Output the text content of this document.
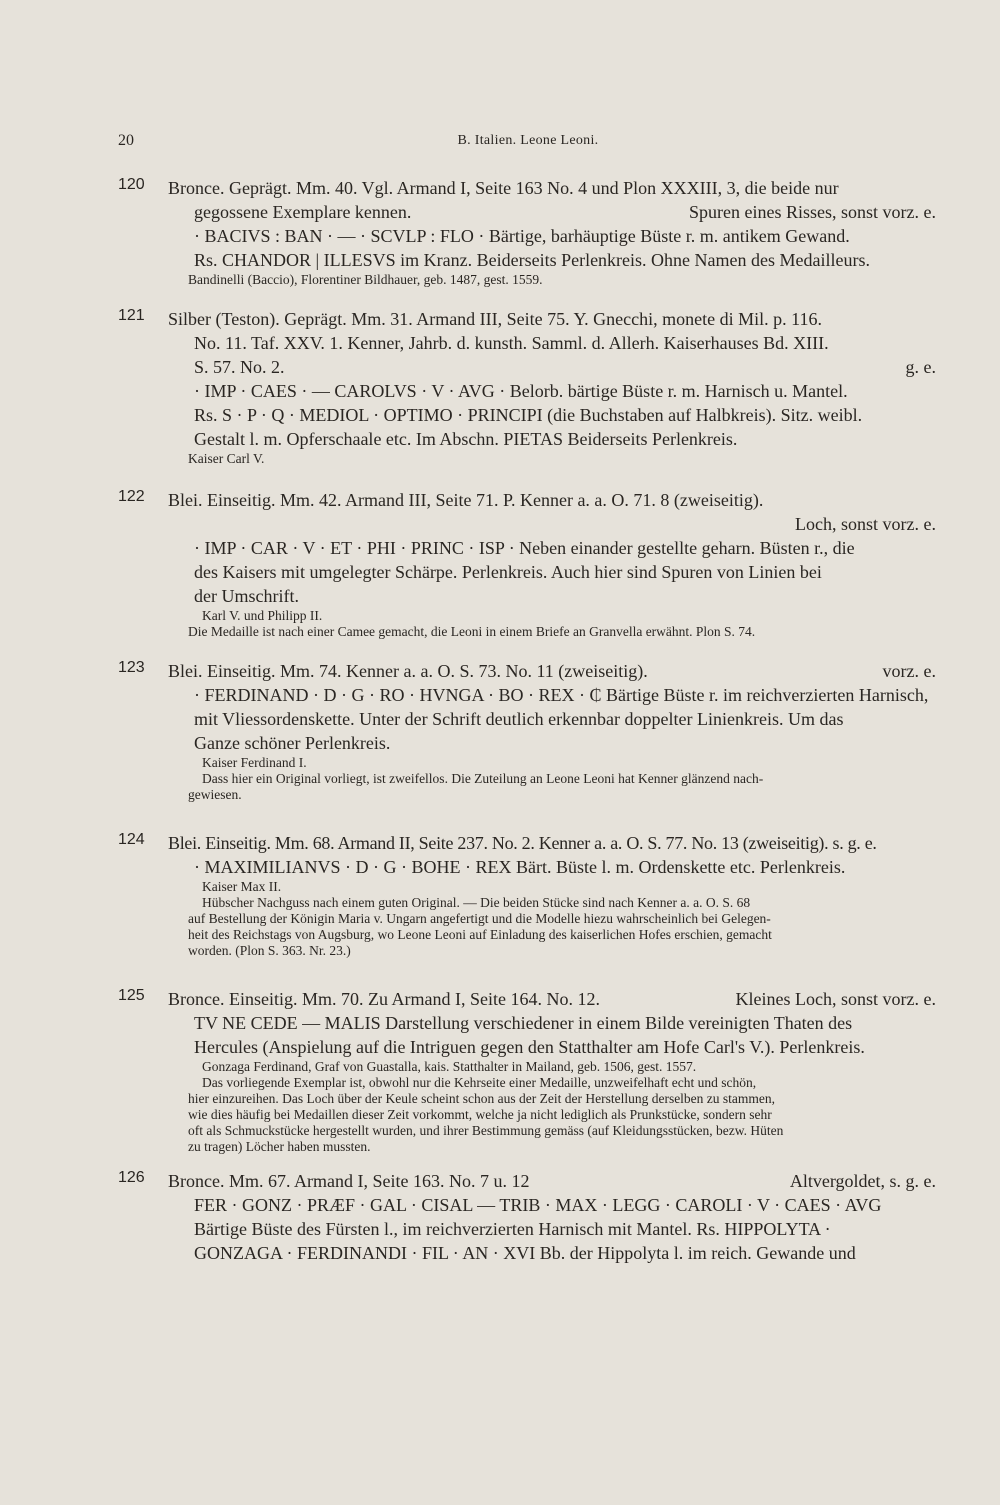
20	B. Italien. Leone Leoni.
120 Bronce. Geprägt. Mm. 40. Vgl. Armand I, Seite 163 No. 4 und Plon XXXIII, 3, die beide nur
gegossene Exemplare kennen.	Spuren eines Risses, sonst vorz. e.
· BACIVS : BAN · — · SCVLP : FLO · Bärtige, barhäuptige Büste r. m. antikem Gewand.
Rs. CHANDOR | ILLESVS im Kranz. Beiderseits Perlenkreis. Ohne Namen des Medailleurs.
Bandinelli (Baccio), Florentiner Bildhauer, geb. 1487, gest. 1559.
121 Silber (Teston). Geprägt. Mm. 31. Armand III, Seite 75. Y. Gnecchi, monete di Mil. p. 116.
No. 11. Taf. XXV. 1. Kenner, Jahrb. d. kunsth. Samml. d. Allerh. Kaiserhauses Bd. XIII.
S. 57. No. 2.	g. e.
· IMP · CAES · — CAROLVS · V · AVG · Belorb. bärtige Büste r. m. Harnisch u. Mantel.
Rs. S · P · Q · MEDIOL · OPTIMO · PRINCIPI (die Buchstaben auf Halbkreis). Sitz. weibl.
Gestalt l. m. Opferschaale etc. Im Abschn. PIETAS Beiderseits Perlenkreis.
Kaiser Carl V.
122 Blei. Einseitig. Mm. 42. Armand III, Seite 71. P. Kenner a. a. O. 71. 8 (zweiseitig).
Loch, sonst vorz. e.
· IMP · CAR · V · ET · PHI · PRINC · ISP · Neben einander gestellte geharn. Büsten r., die
des Kaisers mit umgelegter Schärpe. Perlenkreis. Auch hier sind Spuren von Linien bei
der Umschrift.
Karl V. und Philipp II.
Die Medaille ist nach einer Camee gemacht, die Leoni in einem Briefe an Granvella erwähnt. Plon S. 74.
123 Blei. Einseitig. Mm. 74. Kenner a. a. O. S. 73. No. 11 (zweiseitig).	vorz. e.
· FERDINAND · D · G · RO · HVNGA · BO · REX · ₵ Bärtige Büste r. im reichverzierten Harnisch,
mit Vliessordenskette. Unter der Schrift deutlich erkennbar doppelter Linienkreis. Um das
Ganze schöner Perlenkreis.
Kaiser Ferdinand I.
Dass hier ein Original vorliegt, ist zweifellos. Die Zuteilung an Leone Leoni hat Kenner glänzend nach-
gewiesen.
124 Blei. Einseitig. Mm. 68. Armand II, Seite 237. No. 2. Kenner a. a. O. S. 77. No. 13 (zweiseitig). s. g. e.
· MAXIMILIANVS · D · G · BOHE · REX Bärt. Büste l. m. Ordenskette etc. Perlenkreis.
Kaiser Max II.
Hübscher Nachguss nach einem guten Original. — Die beiden Stücke sind nach Kenner a. a. O. S. 68
auf Bestellung der Königin Maria v. Ungarn angefertigt und die Modelle hiezu wahrscheinlich bei Gelegen-
heit des Reichstags von Augsburg, wo Leone Leoni auf Einladung des kaiserlichen Hofes erschien, gemacht
worden. (Plon S. 363. Nr. 23.)
125 Bronce. Einseitig. Mm. 70. Zu Armand I, Seite 164. No. 12.	Kleines Loch, sonst vorz. e.
TV NE CEDE — MALIS Darstellung verschiedener in einem Bilde vereinigten Thaten des
Hercules (Anspielung auf die Intriguen gegen den Statthalter am Hofe Carl's V.). Perlenkreis.
Gonzaga Ferdinand, Graf von Guastalla, kais. Statthalter in Mailand, geb. 1506, gest. 1557.
Das vorliegende Exemplar ist, obwohl nur die Kehrseite einer Medaille, unzweifelhaft echt und schön,
hier einzureihen. Das Loch über der Keule scheint schon aus der Zeit der Herstellung derselben zu stammen,
wie dies häufig bei Medaillen dieser Zeit vorkommt, welche ja nicht lediglich als Prunkstücke, sondern sehr
oft als Schmuckstücke hergestellt wurden, und ihrer Bestimmung gemäss (auf Kleidungsstücken, bezw. Hüten
zu tragen) Löcher haben mussten.
126 Bronce. Mm. 67. Armand I, Seite 163. No. 7 u. 12	Altvergoldet, s. g. e.
FER · GONZ · PRÆF · GAL · CISAL — TRIB · MAX · LEGG · CAROLI · V · CAES · AVG
Bärtige Büste des Fürsten l., im reichverzierten Harnisch mit Mantel. Rs. HIPPOLYTA ·
GONZAGA · FERDINANDI · FIL · AN · XVI Bb. der Hippolyta l. im reich. Gewande und
